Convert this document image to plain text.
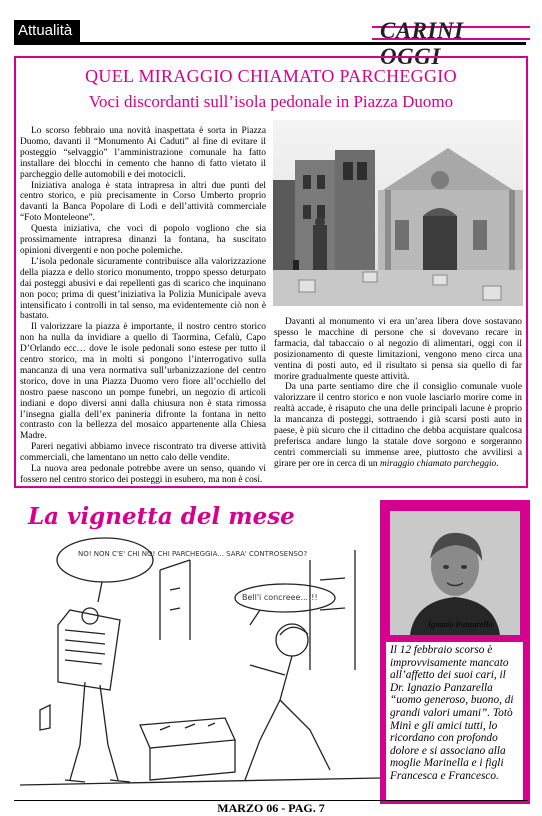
Attualità	CARINI OGGI
QUEL MIRAGGIO CHIAMATO PARCHEGGIO
Voci discordanti sull’isola pedonale in Piazza Duomo

Lo scorso febbraio una novità inaspettata è sorta in Piazza Duomo, davanti il “Monumento Ai Caduti” al fine di evitare il posteggio “selvaggio” l’amministrazione comunale ha fatto installare dei blocchi in cemento che hanno di fatto vietato il parcheggio delle automobili e dei motocicli.

Iniziativa analoga è stata intrapresa in altri due punti del centro storico, e più precisamente in Corso Umberto proprio davanti la Banca Popolare di Lodi e dell’attività commerciale “Foto Monteleone”.

Questa iniziativa, che voci di popolo vogliono che sia prossimamente intrapresa dinanzi la fontana, ha suscitato opinioni divergenti e non poche polemiche.

L’isola pedonale sicuramente contribuisce alla valorizzazione della piazza e dello storico monumento, troppo spesso deturpato dai posteggi abusivi e dai repellenti gas di scarico che inquinano non poco; prima di quest’iniziativa la Polizia Municipale aveva intensificato i controlli in tal senso, ma evidentemente ciò non è bastato.

Il valorizzare la piazza è importante, il nostro centro storico non ha nulla da invidiare a quello di Taormina, Cefalù, Capo D’Orlando ecc… dove le isole pedonali sono estese per tutto il centro storico, ma in molti si pongono l’interrogativo sulla mancanza di una vera normativa sull’urbanizzazione del centro storico, dove in una Piazza Duomo vero fiore all’occhiello del nostro paese nascono un pompe funebri, un negozio di articoli indiani e dopo diversi anni dalla chiusura non è stata rimossa l’insegna gialla dell’ex panineria difronte la fontana in netto contrasto con la bellezza del mosaico appartenente alla Chiesa Madre.

Pareri negativi abbiamo invece riscontrato tra diverse attività commerciali, che lamentano un netto calo delle vendite.

La nuova area pedonale potrebbe avere un senso, quando vi fossero nel centro storico dei posteggi in esubero, ma non è così.

Davanti al monumento vi era un’area libera dove sostavano spesso le macchine di persone che si dovevano recare in farmacia, dal tabaccaio o al negozio di alimentari, oggi con il posizionamento di queste limitazioni, vengono meno circa una ventina di posti auto, ed il risultato si pensa sia quello di far morire gradualmente queste attività.

Da una parte sentiamo dire che il consiglio comunale vuole valorizzare il centro storico e non vuole lasciarlo morire come in realtà accade, è risaputo che una delle principali lacune è proprio la mancanza di posteggi, sottraendo i già scarsi posti auto in paese, è più sicuro che il cittadino che debba acquistare qualcosa preferisca andare lungo la statale dove sorgono e sorgeranno centri commerciali su immense aree, piuttosto che avvilirsi a girare per ore in cerca di un miraggio chiamato parcheggio.

La vignetta del mese
NO! NON C'E' CHI NO! CHI PARCHEGGIA... SARA' CONTROSENSO?
Bell'i concreee...!!!
Ignazio Panzarella
Il 12 febbraio scorso è improvvisamente mancato all’affetto dei suoi cari, il Dr. Ignazio Panzarella “uomo generoso, buono, di grandi valori umani”. Totò Minì e gli amici tutti, lo ricordano con profondo dolore e si associano alla moglie Marinella e i figli Francesca e Francesco.
MARZO 06 - PAG. 7
